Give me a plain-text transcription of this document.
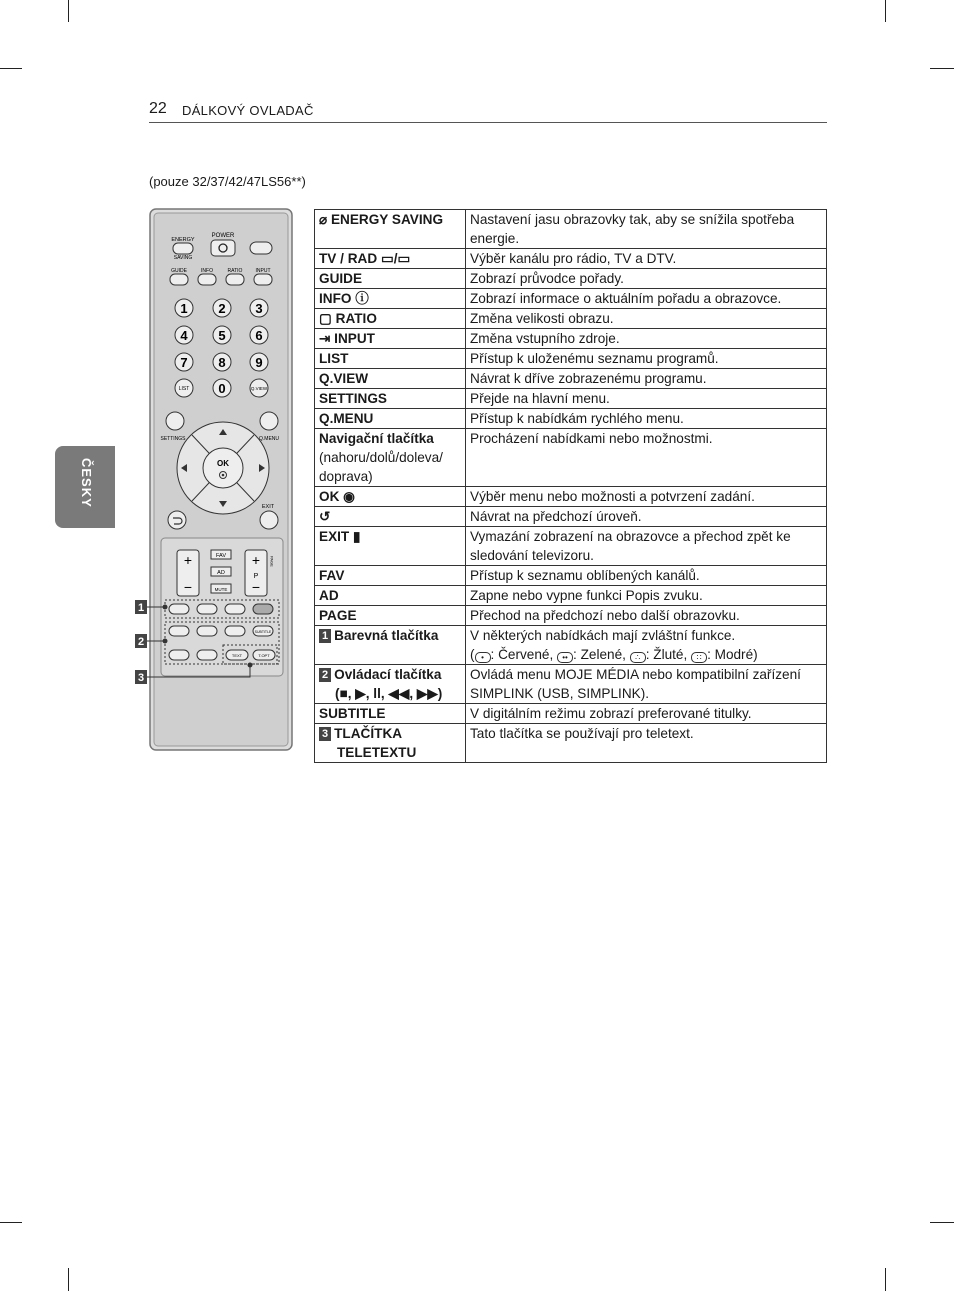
22 DÁLKOVÝ OVLADAČ
ČESKY
(pouze 32/37/42/47LS56**)
ENERGY
POWER
SAVING
GUIDE	INFO	RATIO	INPUT
1 2 3
4 5 6
7 8 9
0
LIST	Q.VIEW
SETTINGS	Q.MENU
OK
EXIT
+
−
+
P
−
PAGE
FAV
AD
MUTE
SUBTITLE
TEXT	T.OPT
1
2
3
⌀ ENERGY SAVING	Nastavení jasu obrazovky tak, aby se snížila spotřeba energie.
TV / RAD ▭/▭	Výběr kanálu pro rádio, TV a DTV.
GUIDE	Zobrazí průvodce pořady.
INFO ⓘ	Zobrazí informace o aktuálním pořadu a obrazovce.
▢ RATIO	Změna velikosti obrazu.
⇥ INPUT	Změna vstupního zdroje.
LIST	Přístup k uloženému seznamu programů.
Q.VIEW	Návrat k dříve zobrazenému programu.
SETTINGS	Přejde na hlavní menu.
Q.MENU	Přístup k nabídkám rychlého menu.
Navigační tlačítka
(nahoru/dolů/doleva/ doprava)	Procházení nabídkami nebo možnostmi.
OK ◉	Výběr menu nebo možnosti a potvrzení zadání.
↺	Návrat na předchozí úroveň.
EXIT ▮	Vymazání zobrazení na obrazovce a přechod zpět ke sledování televizoru.
FAV	Přístup k seznamu oblíbených kanálů.
AD	Zapne nebo vypne funkci Popis zvuku.
PAGE	Přechod na předchozí nebo další obrazovku.
1 Barevná tlačítka	V některých nabídkách mají zvláštní funkce.
( • : Červené, •• : Zelené, ∴ : Žluté, ∷ : Modré)
2 Ovládací tlačítka
(■, ▶, ll, ◀◀, ▶▶)	Ovládá menu MOJE MÉDIA nebo kompatibilní zařízení SIMPLINK (USB, SIMPLINK).
SUBTITLE	V digitálním režimu zobrazí preferované titulky.
3 TLAČÍTKA
TELETEXTU	Tato tlačítka se používají pro teletext.
